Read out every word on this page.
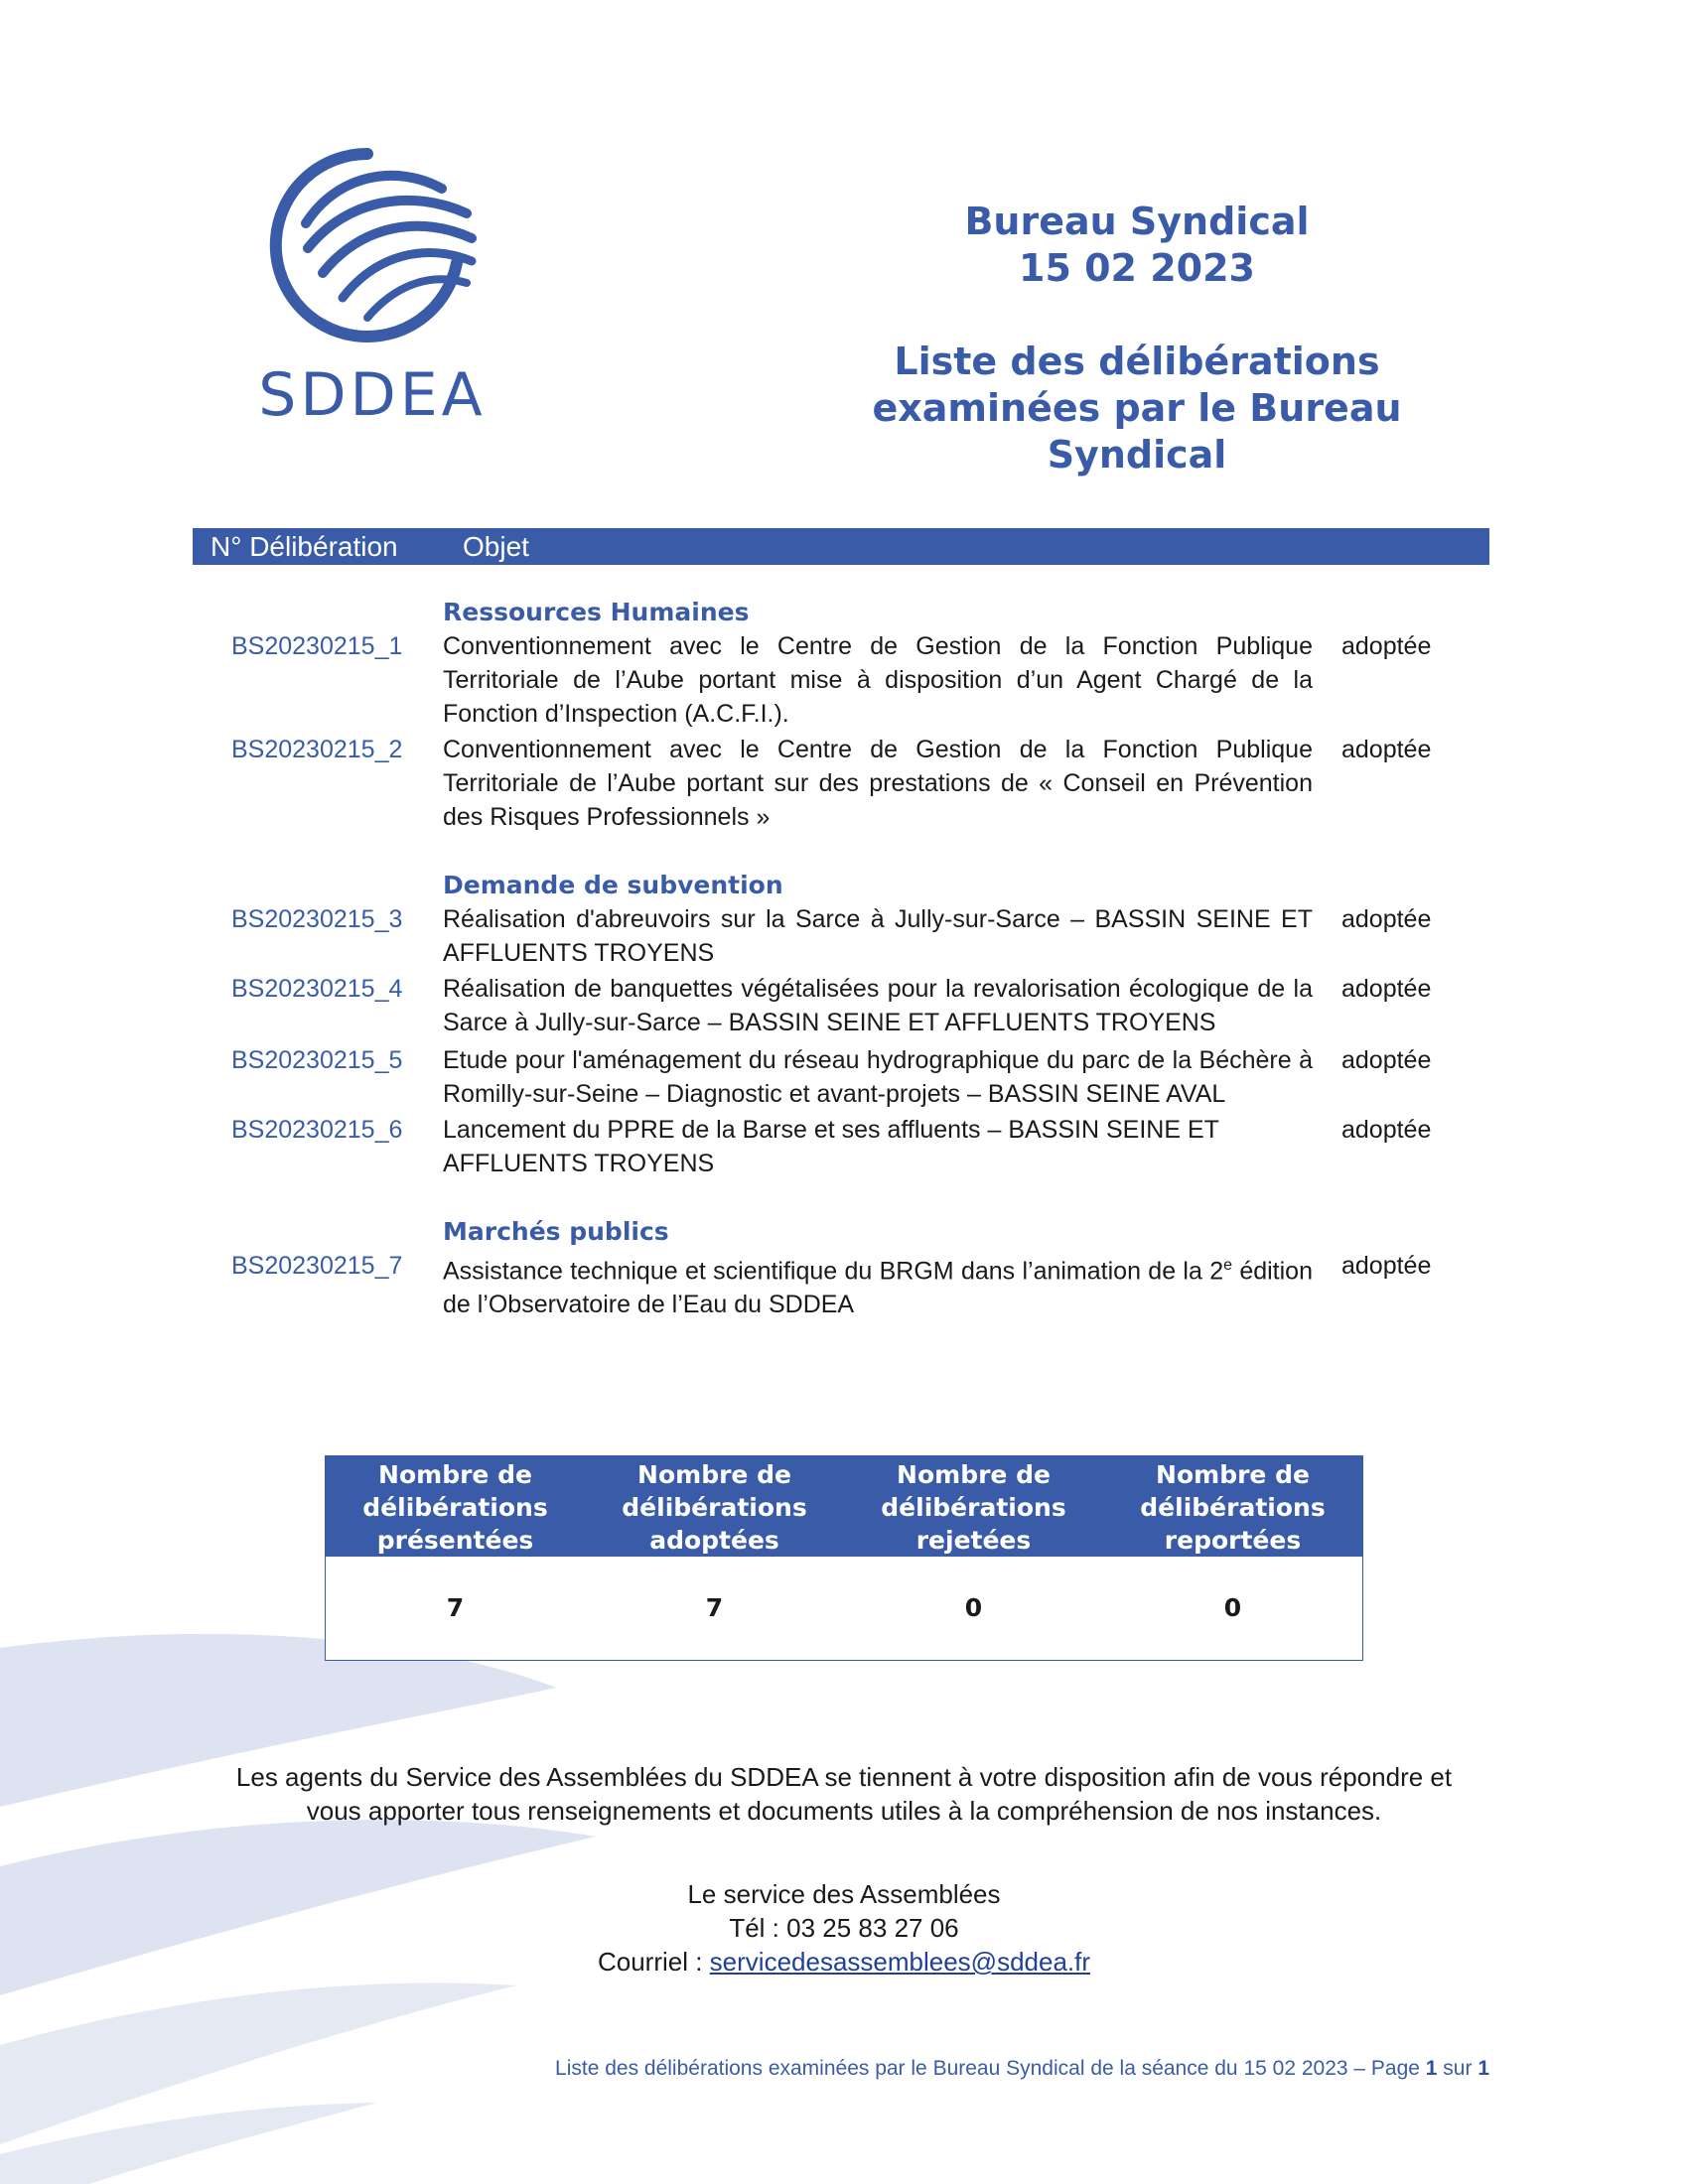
SDDEA
Bureau Syndical
15 02 2023
Liste des délibérations
examinées par le Bureau Syndical
N° Délibération Objet
Ressources Humaines
BS20230215_1 Conventionnement avec le Centre de Gestion de la Fonction Publique Territoriale de l’Aube portant mise à disposition d’un Agent Chargé de la Fonction d’Inspection (A.C.F.I.).
adoptée
BS20230215_2 Conventionnement avec le Centre de Gestion de la Fonction Publique Territoriale de l’Aube portant sur des prestations de « Conseil en Prévention des Risques Professionnels »
adoptée
Demande de subvention
BS20230215_3 Réalisation d'abreuvoirs sur la Sarce à Jully-sur-Sarce – BASSIN SEINE ET AFFLUENTS TROYENS
adoptée
BS20230215_4 Réalisation de banquettes végétalisées pour la revalorisation écologique de la Sarce à Jully-sur-Sarce – BASSIN SEINE ET AFFLUENTS TROYENS
adoptée
BS20230215_5 Etude pour l'aménagement du réseau hydrographique du parc de la Béchère à Romilly-sur-Seine – Diagnostic et avant-projets – BASSIN SEINE AVAL
adoptée
BS20230215_6 Lancement du PPRE de la Barse et ses affluents – BASSIN SEINE ET AFFLUENTS TROYENS
adoptée
Marchés publics
BS20230215_7 Assistance technique et scientifique du BRGM dans l’animation de la 2e édition de l’Observatoire de l’Eau du SDDEA
adoptée
Nombre de
délibérations
présentées
Nombre de
délibérations
adoptées
Nombre de
délibérations
rejetées
Nombre de
délibérations
reportées
7	7	0	0
Les agents du Service des Assemblées du SDDEA se tiennent à votre disposition afin de vous répondre et
vous apporter tous renseignements et documents utiles à la compréhension de nos instances.
Le service des Assemblées
Tél : 03 25 83 27 06
Courriel : servicedesassemblees@sddea.fr
Liste des délibérations examinées par le Bureau Syndical de la séance du 15 02 2023 – Page 1 sur 1
